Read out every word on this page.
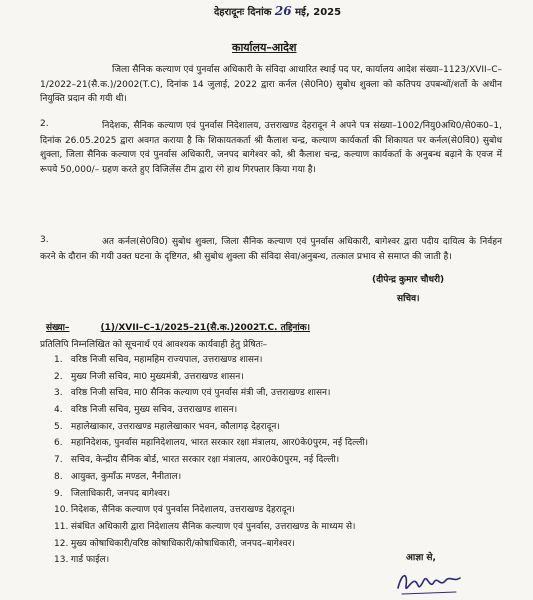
देहरादूनः दिनांक 26 मई, 2025
कार्यालय–आदेश
जिला सैनिक कल्याण एवं पुनर्वास अधिकारी के संविदा आधारित स्थाई पद पर, कार्यालय आदेश संख्या–1123/XVII–C–1/2022–21(सै.क.)/2002(T.C), दिनांक 14 जुलाई, 2022 द्वारा कर्नल (से0नि0) सुबोध शुक्ला को कतिपय उपबन्धों/शर्तो के अधीन नियुक्ति प्रदान की गयी थी।
2.	निदेशक, सैनिक कल्याण एवं पुनर्वास निदेशालय, उत्तराखण्ड देहरादून ने अपने पत्र संख्या–1002/नियु0अधि0/से0क0–1, दिनांक 26.05.2025 द्वारा अवगत कराया है कि शिकायतकर्ता श्री कैलाश चन्द्र, कल्याण कार्यकर्ता की शिकायत पर कर्नल(से0वि0) सुबोध शुक्ला, जिला सैनिक कल्याण एवं पुनर्वास अधिकारी, जनपद बागेश्वर को, श्री कैलाश चन्द्र, कल्याण कार्यकर्ता के अनुबन्ध बढ़ाने के एवज में रूपये 50,000/– ग्रहण करते हुए विजिलेंस टीम द्वारा रंगे हाथ गिरफ्तार किया गया है।
3.	अत कर्नल(से0वि0) सुबोध शुक्ला, जिला सैनिक कल्याण एवं पुनर्वास अधिकारी, बागेश्वर द्वारा पदीय दायित्व के निर्वहन करने के दौरान की गयी उक्त घटना के दृष्टिगत, श्री सुबोध शुक्ला की संविदा सेवा/अनुबन्ध, तत्काल प्रभाव से समाप्त की जाती है।
(दीपेन्द्र कुमार चौधरी)
सचिव।
संख्या–	(1)/XVII–C–1/2025–21(सै.क.)2002T.C. तद्दिनांक।
प्रतिलिपि निम्नलिखित को सूचनार्थ एवं आवश्यक कार्यवाही हेतु प्रेषितः–
1. वरिष्ठ निजी सचिव, महामहिम राज्यपाल, उत्तराखण्ड शासन।
2. मुख्य निजी सचिव, मा0 मुख्यमंत्री, उत्तराखण्ड शासन।
3. वरिष्ठ निजी सचिव, मा0 सैनिक कल्याण एवं पुनर्वास मंत्री जी, उत्तराखण्ड शासन।
4. वरिष्ठ निजी सचिव, मुख्य सचिव, उत्तराखण्ड शासन।
5. महालेखाकार, उत्तराखण्ड महालेखाकार भवन, कौलागढ़ देहरादून।
6. महानिदेशक, पुनर्वास महानिदेशालय, भारत सरकार रक्षा मंत्रालय, आर0के0पुरम, नई दिल्ली।
7. सचिव, केन्द्रीय सैनिक बोर्ड, भारत सरकार रक्षा मंत्रालय, आर0के0पुरम, नई दिल्ली।
8. आयुक्त, कुमाँऊ मण्डल, नैनीताल।
9. जिलाधिकारी, जनपद बागेश्वर।
10. निदेशक, सैनिक कल्याण एवं पुनर्वास निदेशालय, उत्तराखण्ड देहरादून।
11. संबंधित अधिकारी द्वारा निदेशालय सैनिक कल्याण एवं पुनर्वास, उत्तराखण्ड के माध्यम से।
12. मुख्य कोषाधिकारी/वरिष्ठ कोषाधिकारी/कोषाधिकारी, जनपद–बागेश्वर।
13. गार्ड फाईल।	आज्ञा से,
